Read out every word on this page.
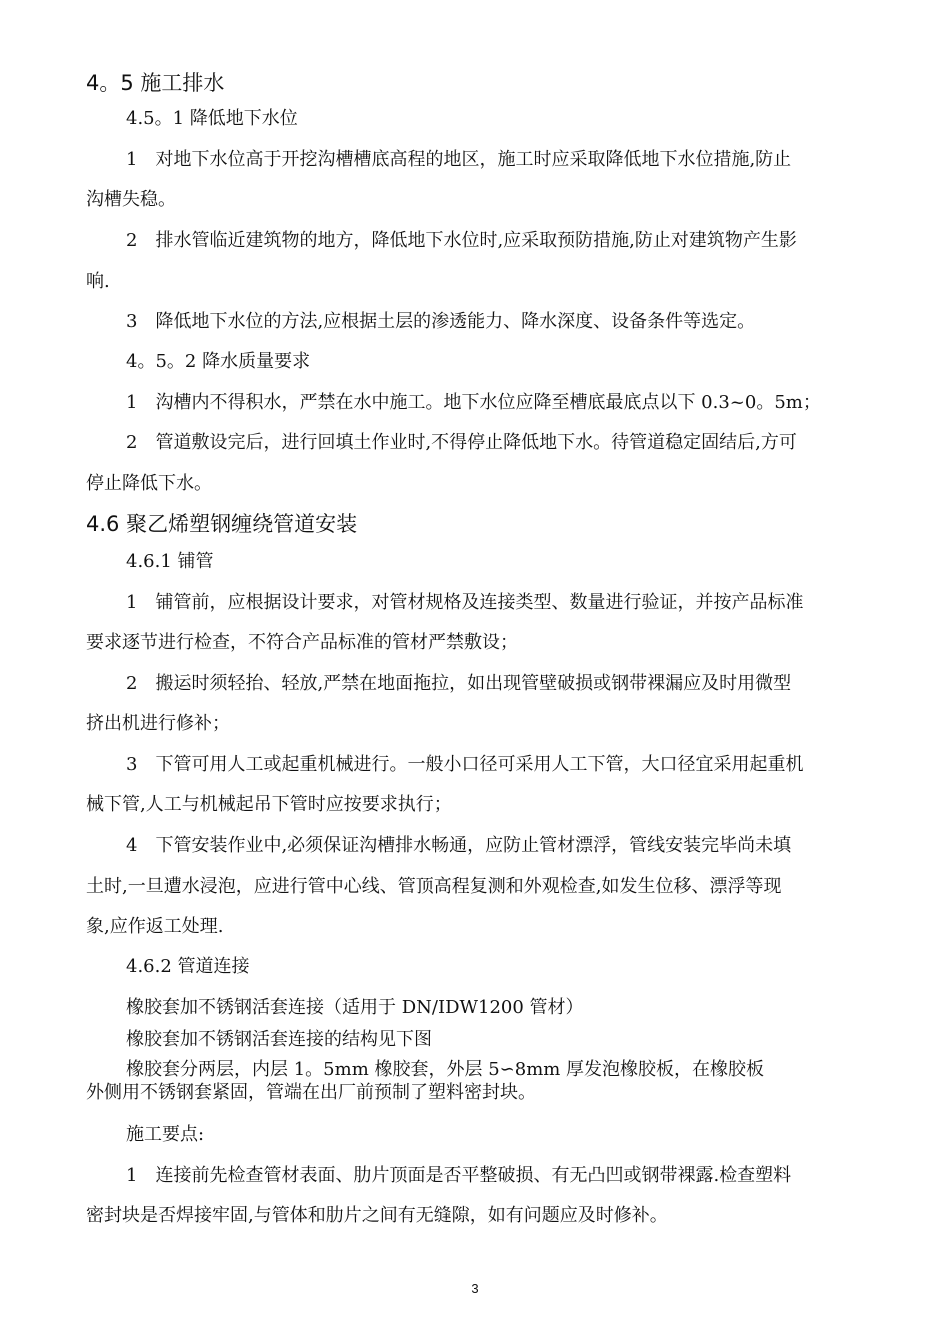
4。5 施工排水
4.5。1 降低地下水位
1　对地下水位高于开挖沟槽槽底高程的地区，施工时应采取降低地下水位措施,防止
沟槽失稳。
2　排水管临近建筑物的地方，降低地下水位时,应采取预防措施,防止对建筑物产生影
响.
3　降低地下水位的方法,应根据土层的渗透能力、降水深度、设备条件等选定。
4。5。2 降水质量要求
1　沟槽内不得积水，严禁在水中施工。地下水位应降至槽底最底点以下 0.3~0。5m；
2　管道敷设完后，进行回填土作业时,不得停止降低地下水。待管道稳定固结后,方可
停止降低下水。
4.6 聚乙烯塑钢缠绕管道安装
4.6.1 铺管
1　铺管前，应根据设计要求，对管材规格及连接类型、数量进行验证，并按产品标准
要求逐节进行检查，不符合产品标准的管材严禁敷设；
2　搬运时须轻抬、轻放,严禁在地面拖拉，如出现管壁破损或钢带裸漏应及时用微型
挤出机进行修补；
3　下管可用人工或起重机械进行。一般小口径可采用人工下管，大口径宜采用起重机
械下管,人工与机械起吊下管时应按要求执行；
4　下管安装作业中,必须保证沟槽排水畅通，应防止管材漂浮，管线安装完毕尚未填
土时,一旦遭水浸泡，应进行管中心线、管顶高程复测和外观检查,如发生位移、漂浮等现
象,应作返工处理.
4.6.2 管道连接
橡胶套加不锈钢活套连接（适用于 DN/IDW1200 管材）
橡胶套加不锈钢活套连接的结构见下图
橡胶套分两层，内层 1。5mm 橡胶套，外层 5∽8mm 厚发泡橡胶板，在橡胶板
外侧用不锈钢套紧固，管端在出厂前预制了塑料密封块。
施工要点:
1　连接前先检查管材表面、肋片顶面是否平整破损、有无凸凹或钢带裸露.检查塑料
密封块是否焊接牢固,与管体和肋片之间有无缝隙，如有问题应及时修补。
3
